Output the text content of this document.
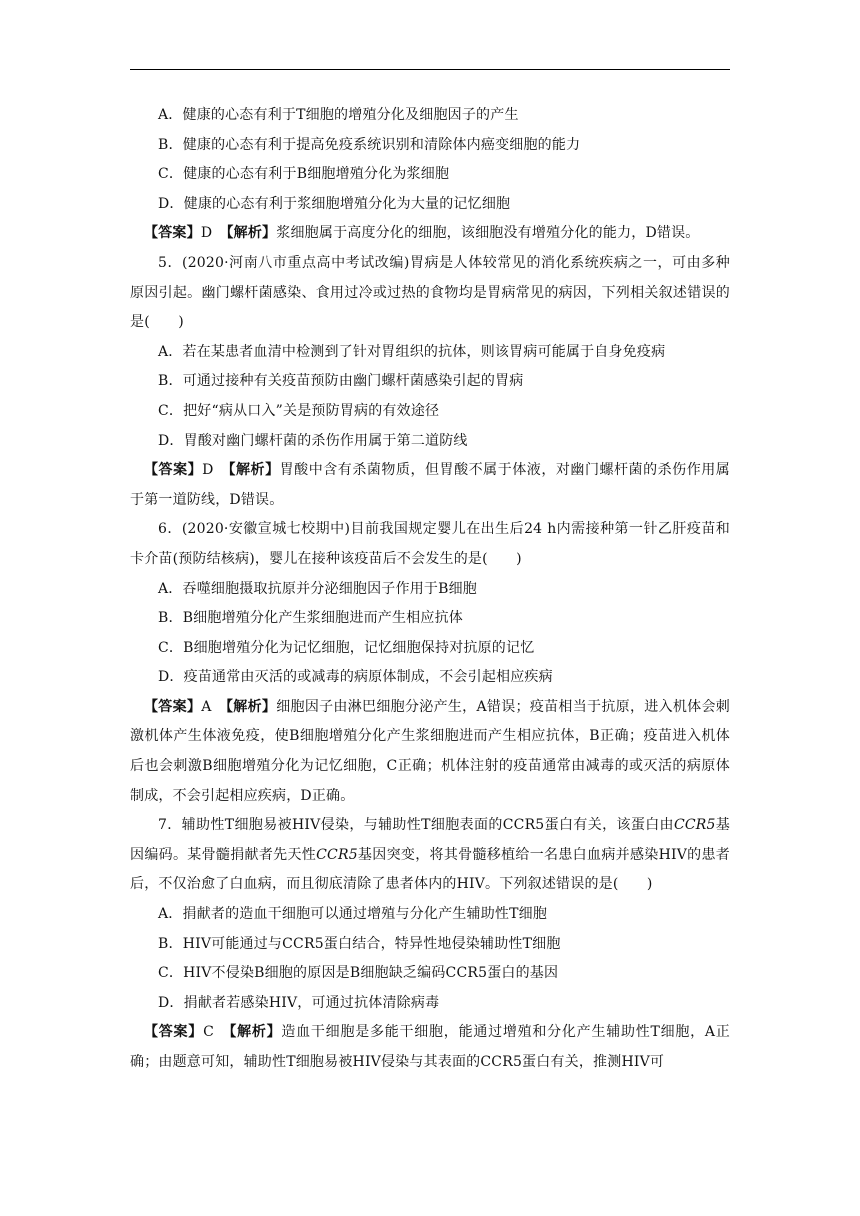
A．健康的心态有利于T细胞的增殖分化及细胞因子的产生

B．健康的心态有利于提高免疫系统识别和清除体内癌变细胞的能力

C．健康的心态有利于B细胞增殖分化为浆细胞

D．健康的心态有利于浆细胞增殖分化为大量的记忆细胞

【答案】D　 【解析】浆细胞属于高度分化的细胞，该细胞没有增殖分化的能力，D错误。

5．(2020·河南八市重点高中考试改编)胃病是人体较常见的消化系统疾病之一，可由多种原因引起。幽门螺杆菌感染、食用过冷或过热的食物均是胃病常见的病因，下列相关叙述错误的是(　　)

A．若在某患者血清中检测到了针对胃组织的抗体，则该胃病可能属于自身免疫病

B．可通过接种有关疫苗预防由幽门螺杆菌感染引起的胃病

C．把好“病从口入”关是预防胃病的有效途径

D．胃酸对幽门螺杆菌的杀伤作用属于第二道防线

【答案】D　 【解析】胃酸中含有杀菌物质，但胃酸不属于体液，对幽门螺杆菌的杀伤作用属于第一道防线，D错误。

6．(2020·安徽宣城七校期中)目前我国规定婴儿在出生后24 h内需接种第一针乙肝疫苗和卡介苗(预防结核病)，婴儿在接种该疫苗后不会发生的是(　　)

A．吞噬细胞摄取抗原并分泌细胞因子作用于B细胞

B．B细胞增殖分化产生浆细胞进而产生相应抗体

C．B细胞增殖分化为记忆细胞，记忆细胞保持对抗原的记忆

D．疫苗通常由灭活的或减毒的病原体制成，不会引起相应疾病

【答案】A　 【解析】细胞因子由淋巴细胞分泌产生，A错误；疫苗相当于抗原，进入机体会刺激机体产生体液免疫，使B细胞增殖分化产生浆细胞进而产生相应抗体，B正确；疫苗进入机体后也会刺激B细胞增殖分化为记忆细胞，C正确；机体注射的疫苗通常由减毒的或灭活的病原体制成，不会引起相应疾病，D正确。

7．辅助性T细胞易被HIV侵染，与辅助性T细胞表面的CCR5蛋白有关，该蛋白由CCR5基因编码。某骨髓捐献者先天性CCR5基因突变，将其骨髓移植给一名患白血病并感染HIV的患者后，不仅治愈了白血病，而且彻底清除了患者体内的HIV。下列叙述错误的是(　　)

A．捐献者的造血干细胞可以通过增殖与分化产生辅助性T细胞

B．HIV可能通过与CCR5蛋白结合，特异性地侵染辅助性T细胞

C．HIV不侵染B细胞的原因是B细胞缺乏编码CCR5蛋白的基因

D．捐献者若感染HIV，可通过抗体清除病毒

【答案】C　 【解析】造血干细胞是多能干细胞，能通过增殖和分化产生辅助性T细胞，A正确；由题意可知，辅助性T细胞易被HIV侵染与其表面的CCR5蛋白有关，推测HIV可
